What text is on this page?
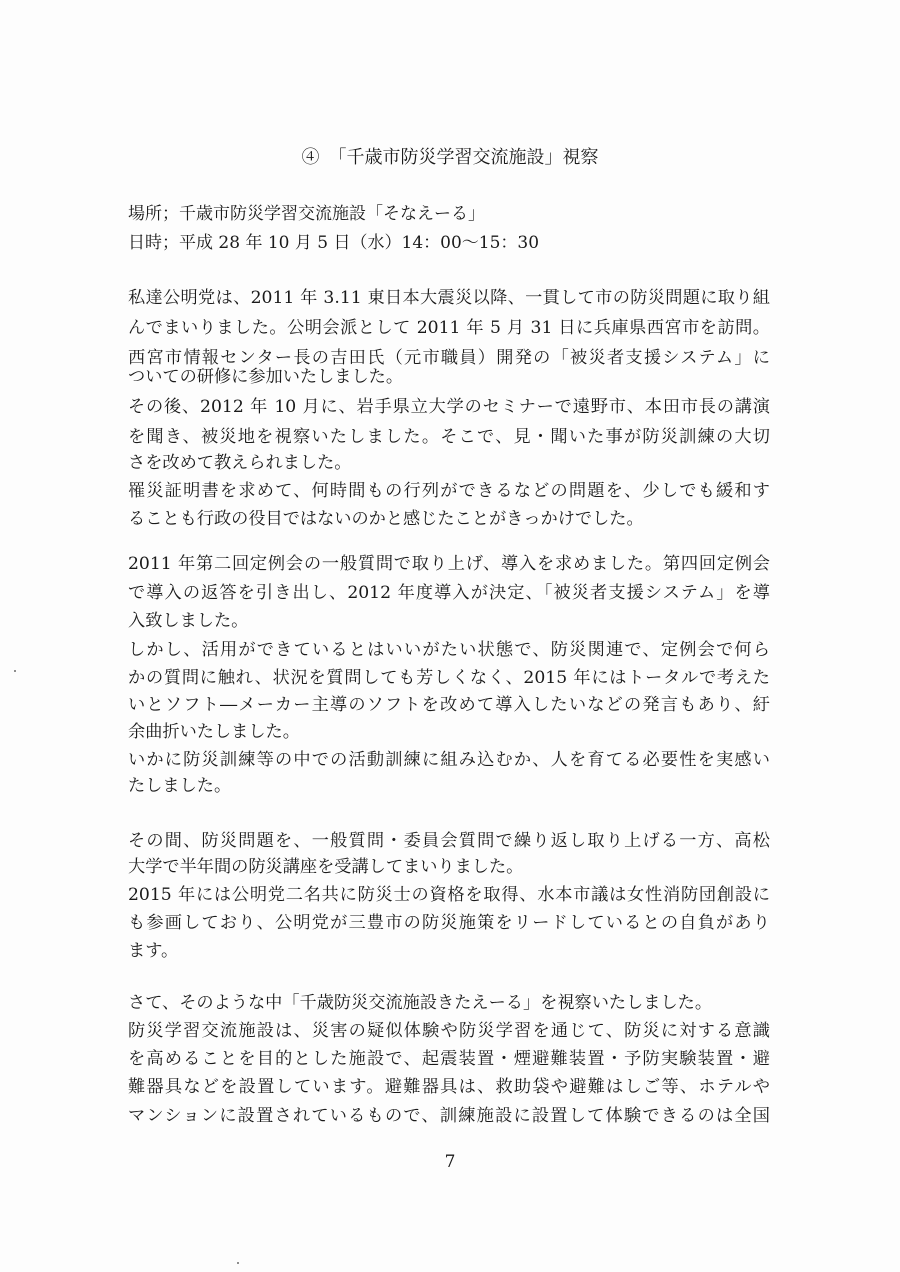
④　「千歳市防災学習交流施設」視察
場所；千歳市防災学習交流施設「そなえーる」
日時；平成 28 年 10 月 5 日（水）14：00～15：30
私達公明党は、2011 年 3.11 東日本大震災以降、一貫して市の防災問題に取り組
んでまいりました。公明会派として 2011 年 5 月 31 日に兵庫県西宮市を訪問。
西宮市情報センター長の吉田氏（元市職員）開発の「被災者支援システム」に
ついての研修に参加いたしました。
その後、2012 年 10 月に、岩手県立大学のセミナーで遠野市、本田市長の講演
を聞き、被災地を視察いたしました。そこで、見・聞いた事が防災訓練の大切
さを改めて教えられました。
罹災証明書を求めて、何時間もの行列ができるなどの問題を、少しでも緩和す
ることも行政の役目ではないのかと感じたことがきっかけでした。
2011 年第二回定例会の一般質問で取り上げ、導入を求めました。第四回定例会
で導入の返答を引き出し、2012 年度導入が決定、「被災者支援システム」を導
入致しました。
しかし、活用ができているとはいいがたい状態で、防災関連で、定例会で何ら
かの質問に触れ、状況を質問しても芳しくなく、2015 年にはトータルで考えた
いとソフト―メーカー主導のソフトを改めて導入したいなどの発言もあり、紆
余曲折いたしました。
いかに防災訓練等の中での活動訓練に組み込むか、人を育てる必要性を実感い
たしました。
その間、防災問題を、一般質問・委員会質問で繰り返し取り上げる一方、高松
大学で半年間の防災講座を受講してまいりました。
2015 年には公明党二名共に防災士の資格を取得、水本市議は女性消防団創設に
も参画しており、公明党が三豊市の防災施策をリードしているとの自負があり
ます。
さて、そのような中「千歳防災交流施設きたえーる」を視察いたしました。
防災学習交流施設は、災害の疑似体験や防災学習を通じて、防災に対する意識
を高めることを目的とした施設で、起震装置・煙避難装置・予防実験装置・避
難器具などを設置しています。避難器具は、救助袋や避難はしご等、ホテルや
マンションに設置されているもので、訓練施設に設置して体験できるのは全国
7
